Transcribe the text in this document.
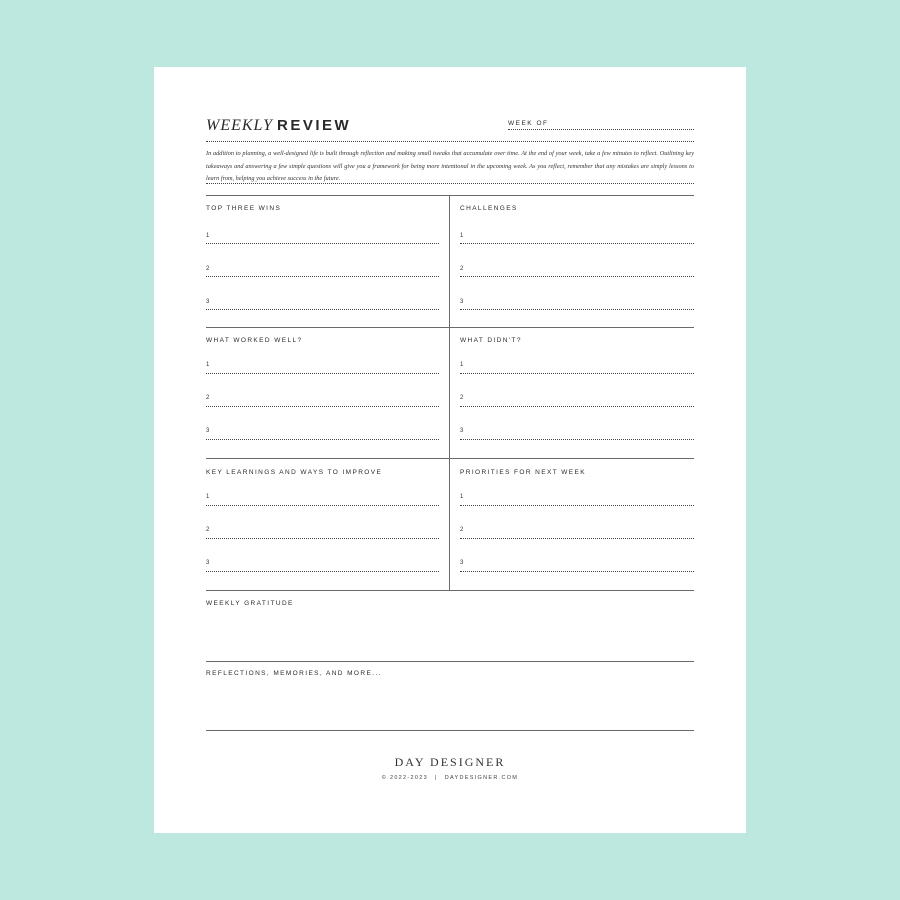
WEEKLY REVIEW	WEEK OF
In addition to planning, a well-designed life is built through reflection and making small tweaks that accumulate over time. At the end of your week, take a few minutes to reflect. Outlining key takeaways and answering a few simple questions will give you a framework for being more intentional in the upcoming week. As you reflect, remember that any mistakes are simply lessons to learn from, helping you achieve success in the future.
TOP THREE WINS
1
2
3
CHALLENGES
1
2
3
WHAT WORKED WELL?
1
2
3
WHAT DIDN'T?
1
2
3
KEY LEARNINGS AND WAYS TO IMPROVE
1
2
3
PRIORITIES FOR NEXT WEEK
1
2
3
WEEKLY GRATITUDE
REFLECTIONS, MEMORIES, AND MORE...
DAY DESIGNER
© 2022-2023 | DAYDESIGNER.COM
